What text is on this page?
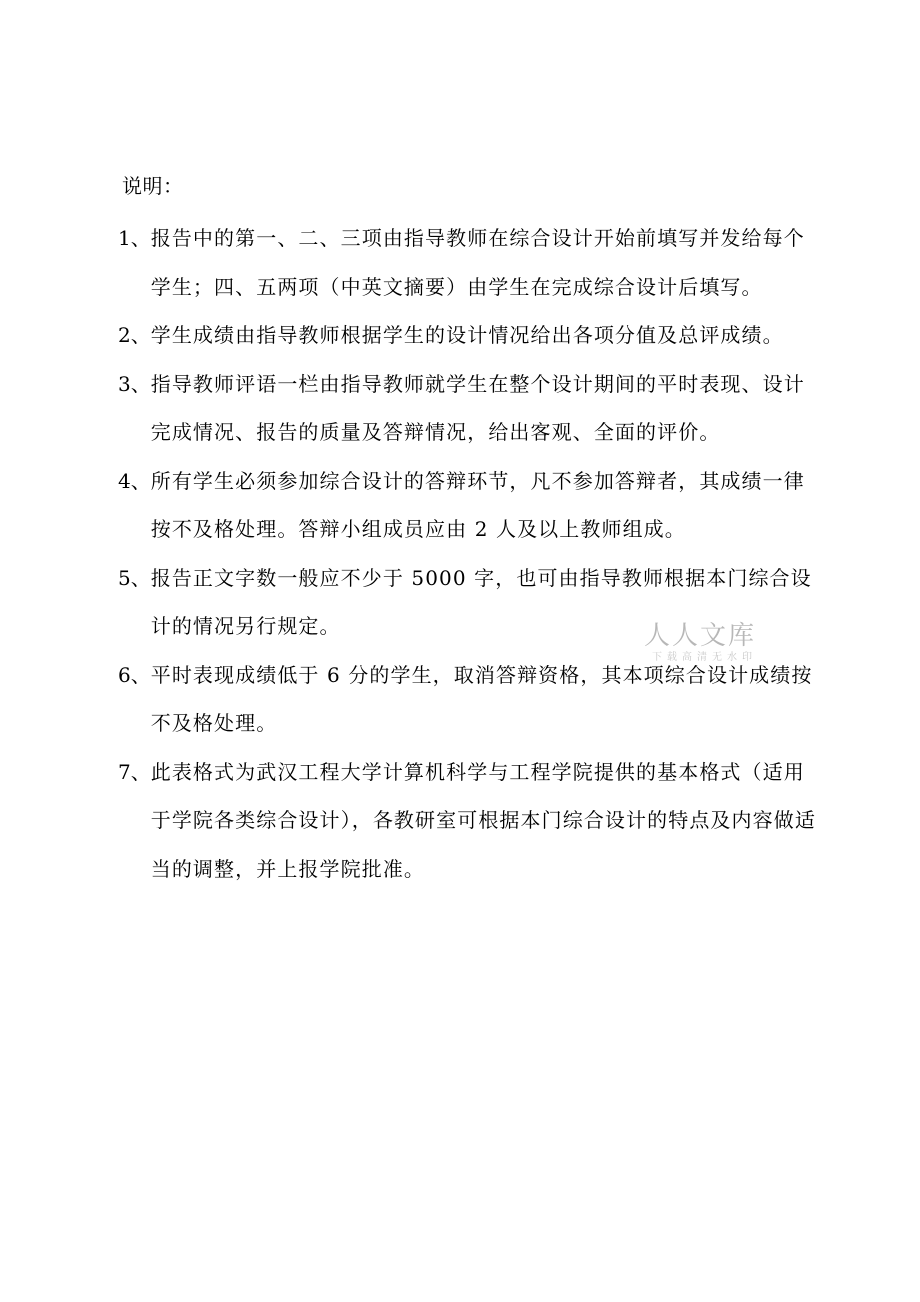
说明：
1、 报告中的第一、二、三项由指导教师在综合设计开始前填写并发给每个学生；四、五两项（中英文摘要）由学生在完成综合设计后填写。
2、 学生成绩由指导教师根据学生的设计情况给出各项分值及总评成绩。
3、 指导教师评语一栏由指导教师就学生在整个设计期间的平时表现、设计完成情况、报告的质量及答辩情况，给出客观、全面的评价。
4、 所有学生必须参加综合设计的答辩环节，凡不参加答辩者，其成绩一律按不及格处理。答辩小组成员应由 2 人及以上教师组成。
5、 报告正文字数一般应不少于 5000 字，也可由指导教师根据本门综合设计的情况另行规定。
6、 平时表现成绩低于 6 分的学生，取消答辩资格，其本项综合设计成绩按不及格处理。
7、 此表格式为武汉工程大学计算机科学与工程学院提供的基本格式（适用于学院各类综合设计），各教研室可根据本门综合设计的特点及内容做适当的调整，并上报学院批准。
人人文库
下载高清无水印
